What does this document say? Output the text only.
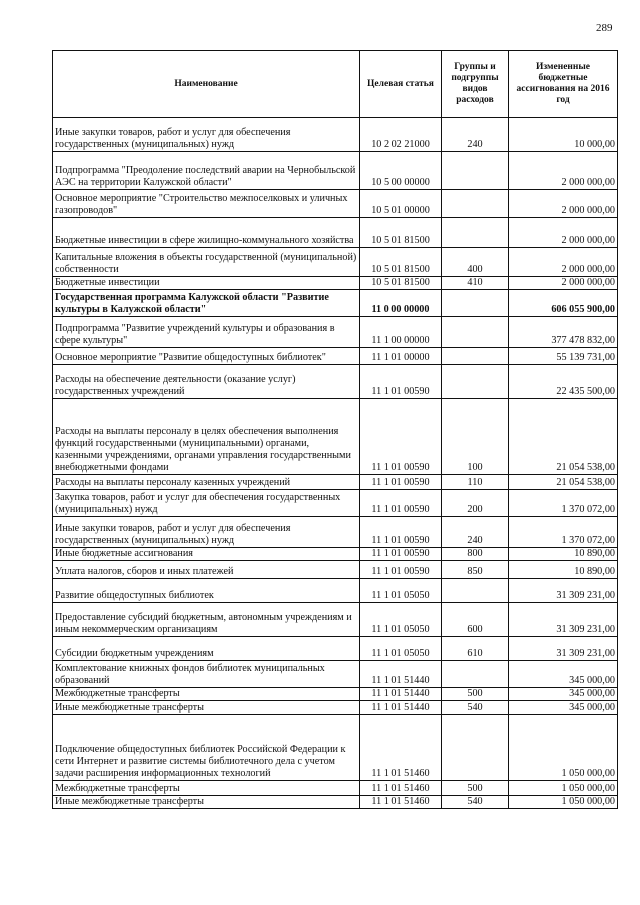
289
Наименование	Целевая статья	Группы и подгруппы видов расходов	Измененные бюджетные ассигнования на 2016 год
Иные закупки товаров, работ и услуг для обеспечения государственных (муниципальных) нужд	10 2 02 21000	240	10 000,00
Подпрограмма "Преодоление последствий аварии на Чернобыльской АЭС на территории Калужской области"	10 5 00 00000		2 000 000,00
Основное мероприятие "Строительство межпоселковых и уличных газопроводов"	10 5 01 00000		2 000 000,00
Бюджетные инвестиции в сфере жилищно-коммунального хозяйства	10 5 01 81500		2 000 000,00
Капитальные вложения в объекты государственной (муниципальной) собственности	10 5 01 81500	400	2 000 000,00
Бюджетные инвестиции	10 5 01 81500	410	2 000 000,00
Государственная программа Калужской области "Развитие культуры в Калужской области"	11 0 00 00000		606 055 900,00
Подпрограмма "Развитие учреждений культуры и образования в сфере культуры"	11 1 00 00000		377 478 832,00
Основное мероприятие "Развитие общедоступных библиотек"	11 1 01 00000		55 139 731,00
Расходы на обеспечение деятельности (оказание услуг) государственных учреждений	11 1 01 00590		22 435 500,00
Расходы на выплаты персоналу в целях обеспечения выполнения функций государственными (муниципальными) органами, казенными учреждениями, органами управления государственными внебюджетными фондами	11 1 01 00590	100	21 054 538,00
Расходы на выплаты персоналу казенных учреждений	11 1 01 00590	110	21 054 538,00
Закупка товаров, работ и услуг для обеспечения государственных (муниципальных) нужд	11 1 01 00590	200	1 370 072,00
Иные закупки товаров, работ и услуг для обеспечения государственных (муниципальных) нужд	11 1 01 00590	240	1 370 072,00
Иные бюджетные ассигнования	11 1 01 00590	800	10 890,00
Уплата налогов, сборов и иных платежей	11 1 01 00590	850	10 890,00
Развитие общедоступных библиотек	11 1 01 05050		31 309 231,00
Предоставление субсидий бюджетным, автономным учреждениям и иным некоммерческим организациям	11 1 01 05050	600	31 309 231,00
Субсидии бюджетным учреждениям	11 1 01 05050	610	31 309 231,00
Комплектование книжных фондов библиотек муниципальных образований	11 1 01 51440		345 000,00
Межбюджетные трансферты	11 1 01 51440	500	345 000,00
Иные межбюджетные трансферты	11 1 01 51440	540	345 000,00
Подключение общедоступных библиотек Российской Федерации к сети Интернет и развитие системы библиотечного дела с учетом задачи расширения информационных технологий	11 1 01 51460		1 050 000,00
Межбюджетные трансферты	11 1 01 51460	500	1 050 000,00
Иные межбюджетные трансферты	11 1 01 51460	540	1 050 000,00
